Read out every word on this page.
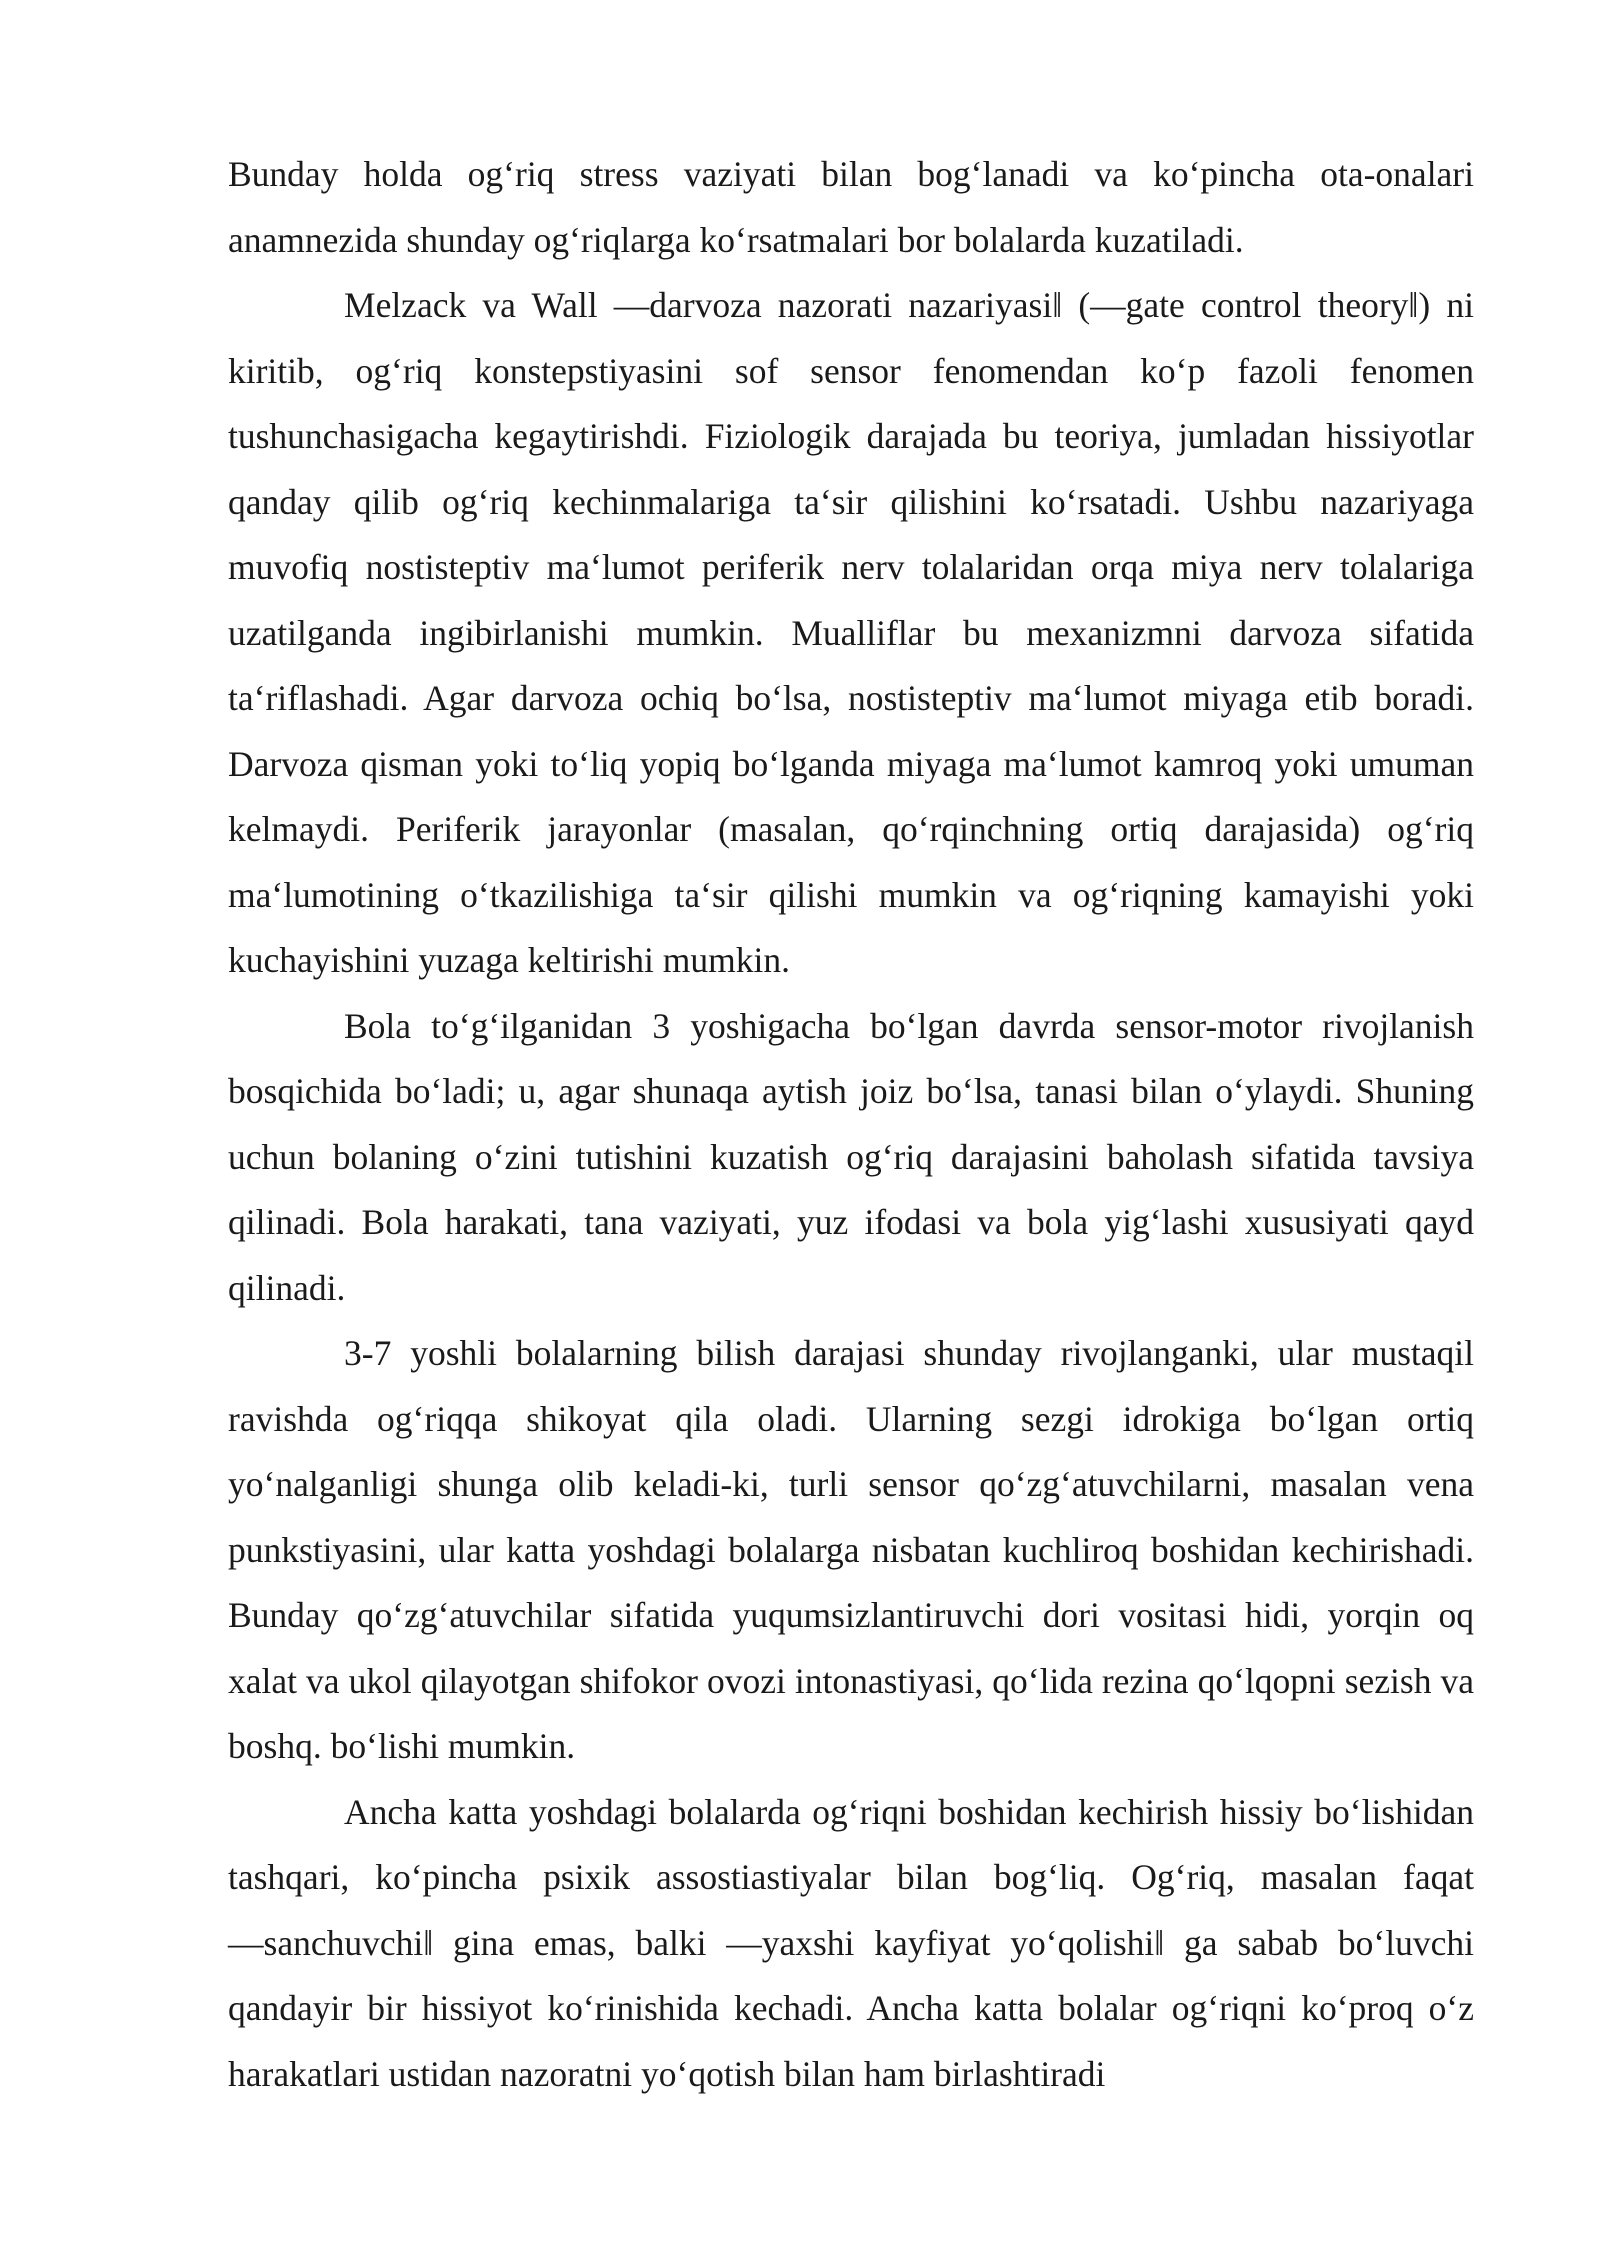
Bunday holda og‘riq stress vaziyati bilan bog‘lanadi va ko‘pincha ota-onalari anamnezida shunday og‘riqlarga ko‘rsatmalari bor bolalarda kuzatiladi.

Melzack va Wall ―darvoza nazorati nazariyasi‖ (―gate control theory‖) ni kiritib, og‘riq konstepstiyasini sof sensor fenomendan ko‘p fazoli fenomen tushunchasigacha kegaytirishdi. Fiziologik darajada bu teoriya, jumladan hissiyotlar qanday qilib og‘riq kechinmalariga ta‘sir qilishini ko‘rsatadi. Ushbu nazariyaga muvofiq nostisteptiv ma‘lumot periferik nerv tolalaridan orqa miya nerv tolalariga uzatilganda ingibirlanishi mumkin. Mualliflar bu mexanizmni darvoza sifatida ta‘riflashadi. Agar darvoza ochiq bo‘lsa, nostisteptiv ma‘lumot miyaga etib boradi. Darvoza qisman yoki to‘liq yopiq bo‘lganda miyaga ma‘lumot kamroq yoki umuman kelmaydi. Periferik jarayonlar (masalan, qo‘rqinchning ortiq darajasida) og‘riq ma‘lumotining o‘tkazilishiga ta‘sir qilishi mumkin va og‘riqning kamayishi yoki kuchayishini yuzaga keltirishi mumkin.

Bola to‘g‘ilganidan 3 yoshigacha bo‘lgan davrda sensor-motor rivojlanish bosqichida bo‘ladi; u, agar shunaqa aytish joiz bo‘lsa, tanasi bilan o‘ylaydi. Shuning uchun bolaning o‘zini tutishini kuzatish og‘riq darajasini baholash sifatida tavsiya qilinadi. Bola harakati, tana vaziyati, yuz ifodasi va bola yig‘lashi xususiyati qayd qilinadi.

3-7 yoshli bolalarning bilish darajasi shunday rivojlanganki, ular mustaqil ravishda og‘riqqa shikoyat qila oladi. Ularning sezgi idrokiga bo‘lgan ortiq yo‘nalganligi shunga olib keladi-ki, turli sensor qo‘zg‘atuvchilarni, masalan vena punkstiyasini, ular katta yoshdagi bolalarga nisbatan kuchliroq boshidan kechirishadi. Bunday qo‘zg‘atuvchilar sifatida yuqumsizlantiruvchi dori vositasi hidi, yorqin oq xalat va ukol qilayotgan shifokor ovozi intonastiyasi, qo‘lida rezina qo‘lqopni sezish va boshq. bo‘lishi mumkin.

Ancha katta yoshdagi bolalarda og‘riqni boshidan kechirish hissiy bo‘lishidan tashqari, ko‘pincha psixik assostiastiyalar bilan bog‘liq. Og‘riq, masalan faqat ―sanchuvchi‖ gina emas, balki ―yaxshi kayfiyat yo‘qolishi‖ ga sabab bo‘luvchi qandayir bir hissiyot ko‘rinishida kechadi. Ancha katta bolalar og‘riqni ko‘proq o‘z harakatlari ustidan nazoratni yo‘qotish bilan ham birlashtiradi
